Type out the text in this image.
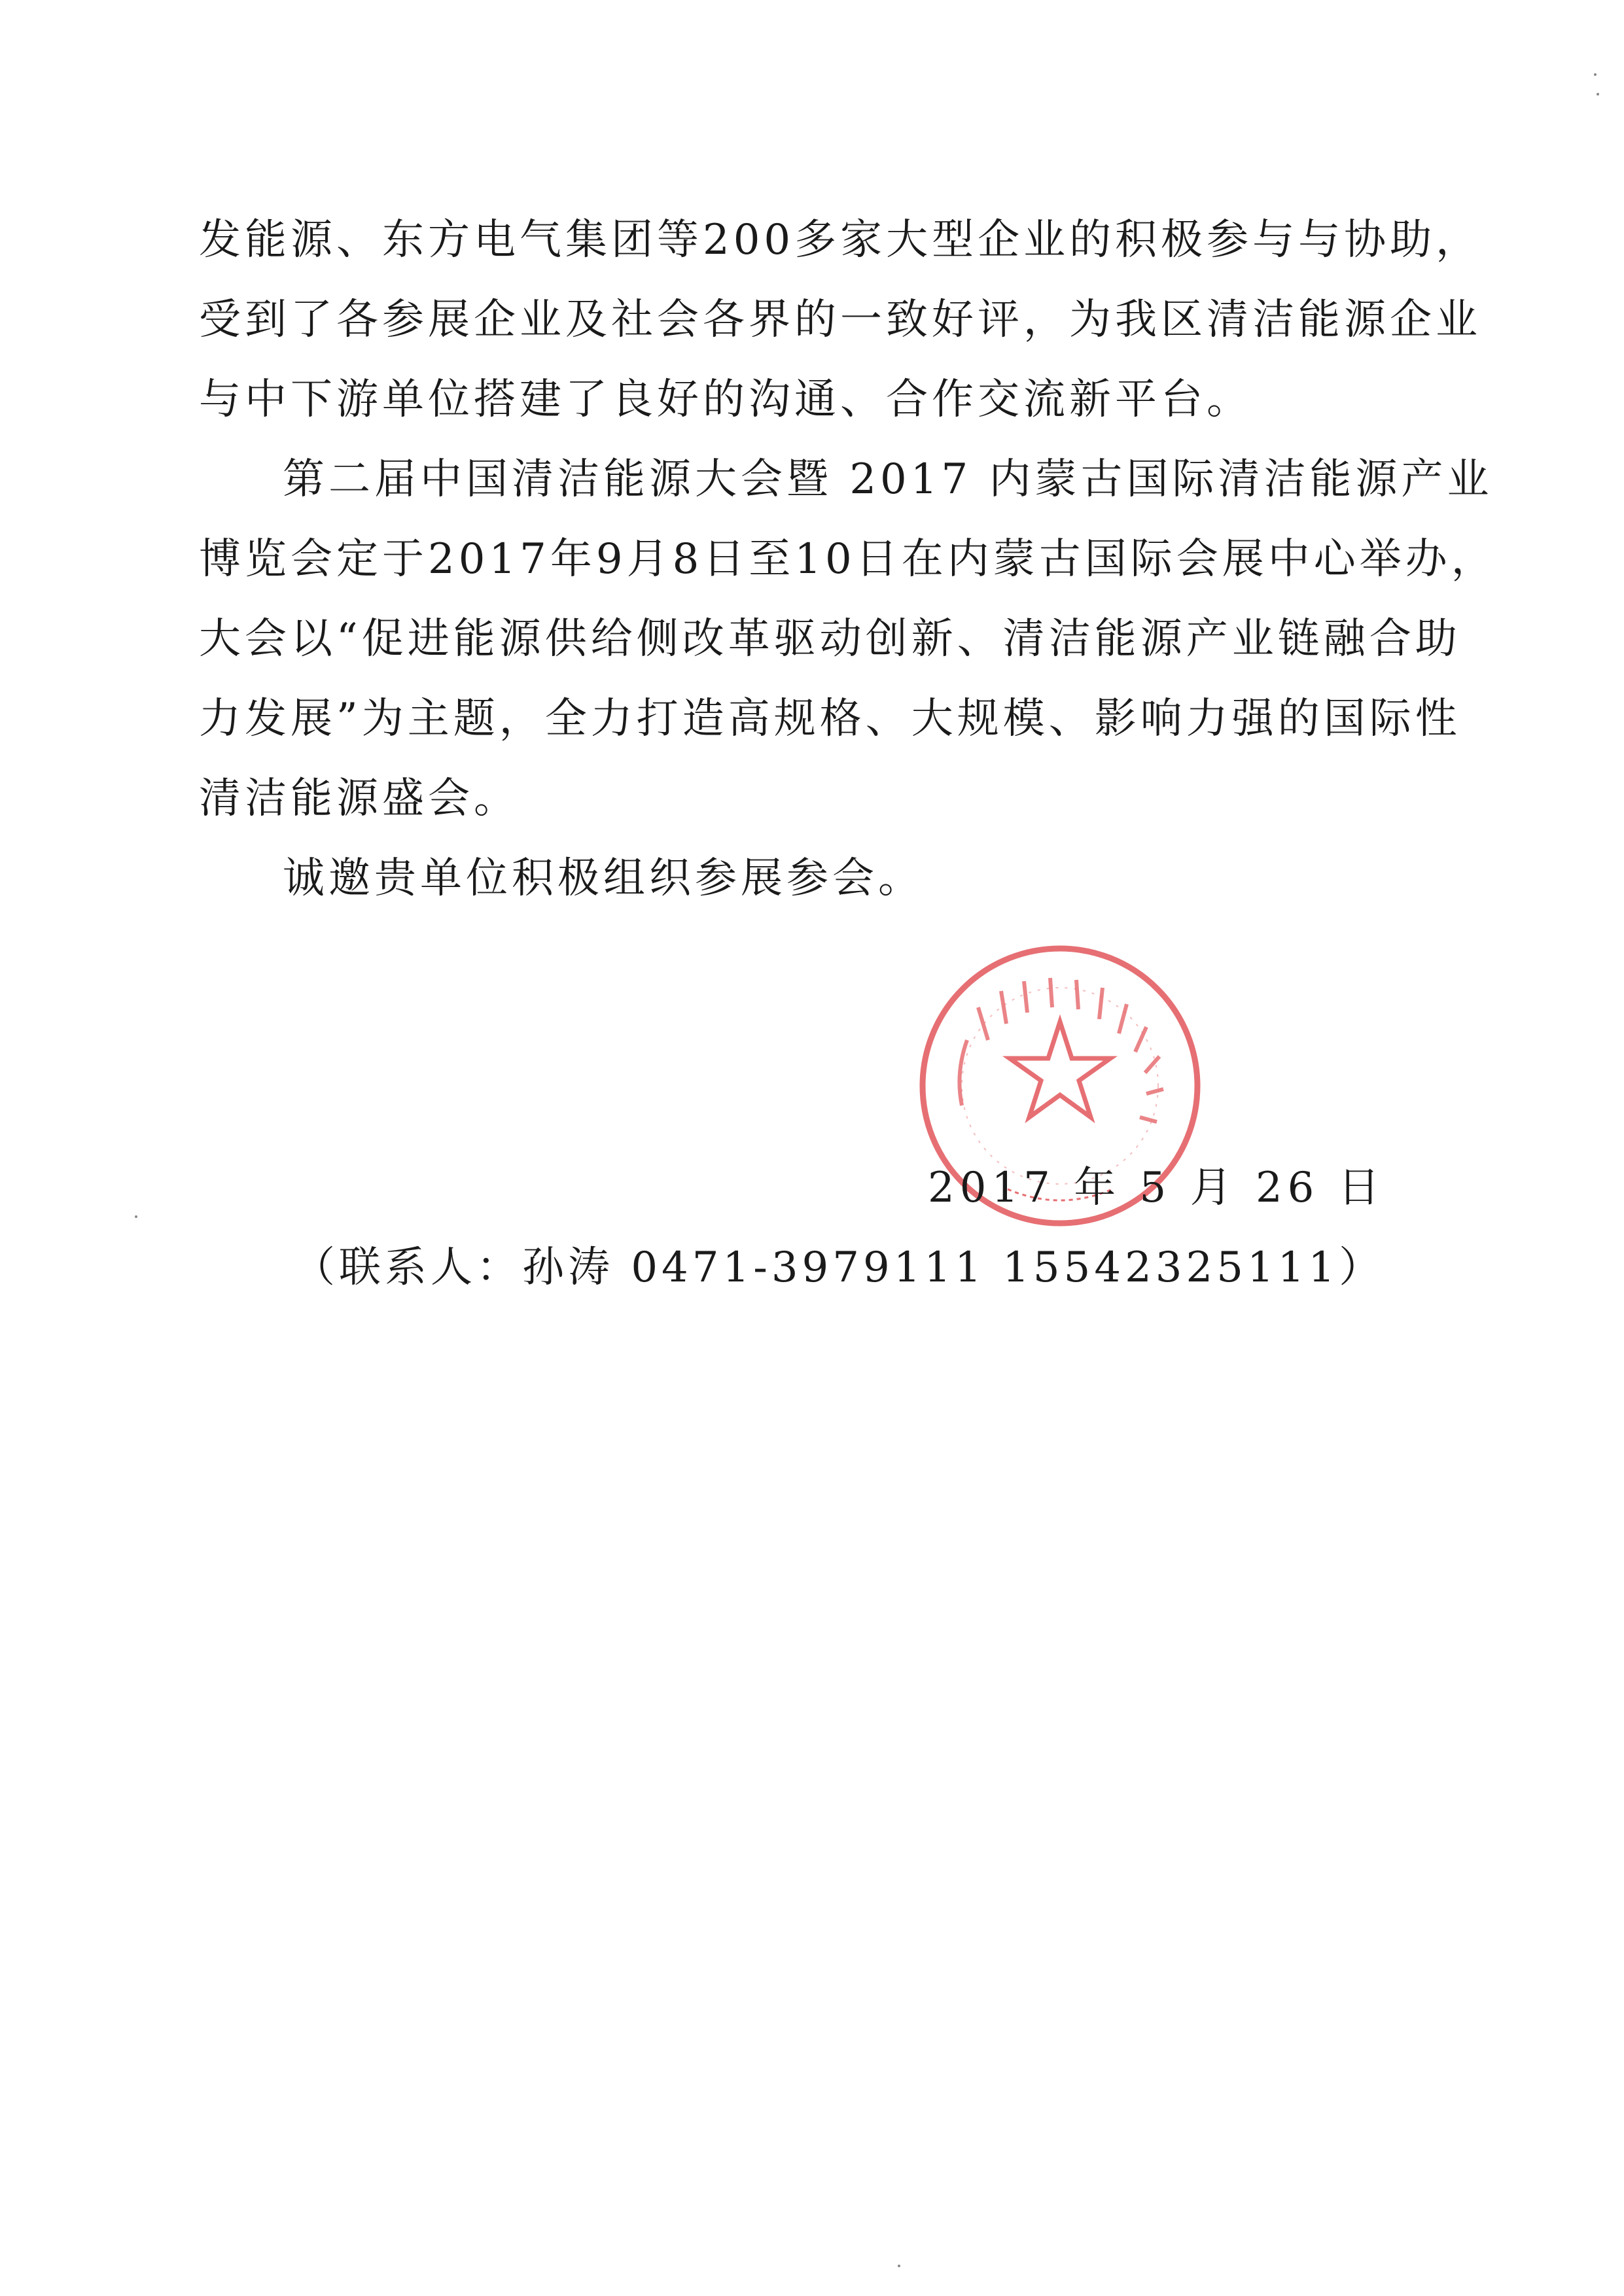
发能源、东方电气集团等200多家大型企业的积极参与与协助，
受到了各参展企业及社会各界的一致好评，为我区清洁能源企业
与中下游单位搭建了良好的沟通、合作交流新平台。
第二届中国清洁能源大会暨 2017 内蒙古国际清洁能源产业
博览会定于2017年9月8日至10日在内蒙古国际会展中心举办，
大会以“促进能源供给侧改革驱动创新、清洁能源产业链融合助
力发展”为主题，全力打造高规格、大规模、影响力强的国际性
清洁能源盛会。
诚邀贵单位积极组织参展参会。
2017 年 5 月 26 日
（联系人：孙涛 0471-3979111 15542325111）
